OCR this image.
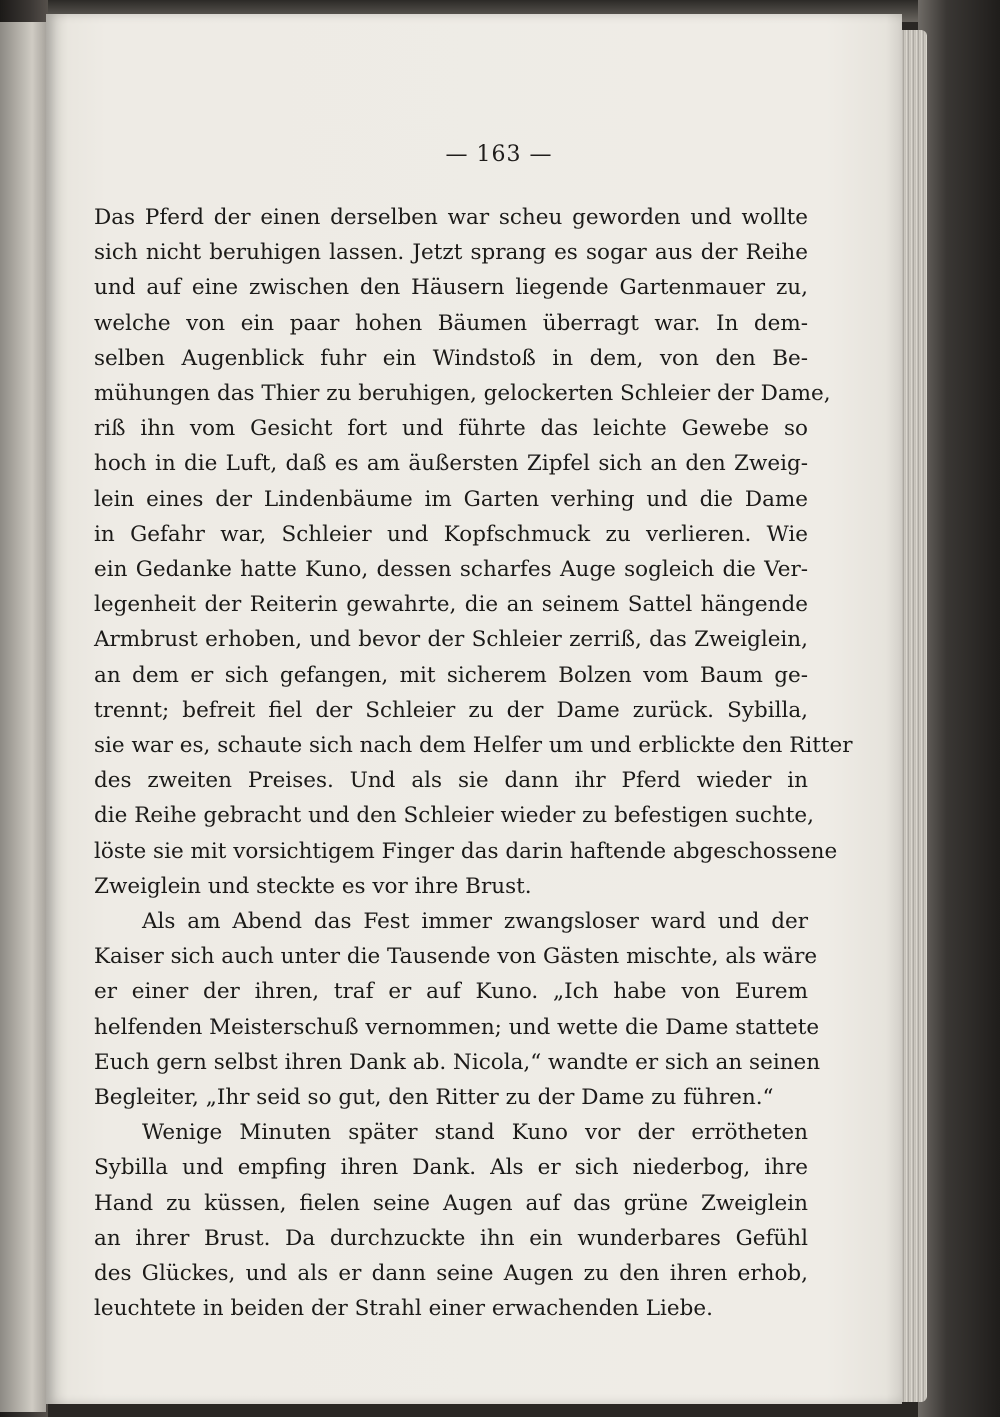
— 163 —

Das Pferd der einen derselben war scheu geworden und wollte
sich nicht beruhigen lassen. Jetzt sprang es sogar aus der Reihe
und auf eine zwischen den Häusern liegende Gartenmauer zu,
welche von ein paar hohen Bäumen überragt war. In dem-
selben Augenblick fuhr ein Windstoß in dem, von den Be-
mühungen das Thier zu beruhigen, gelockerten Schleier der Dame,
riß ihn vom Gesicht fort und führte das leichte Gewebe so
hoch in die Luft, daß es am äußersten Zipfel sich an den Zweig-
lein eines der Lindenbäume im Garten verhing und die Dame
in Gefahr war, Schleier und Kopfschmuck zu verlieren. Wie
ein Gedanke hatte Kuno, dessen scharfes Auge sogleich die Ver-
legenheit der Reiterin gewahrte, die an seinem Sattel hängende
Armbrust erhoben, und bevor der Schleier zerriß, das Zweiglein,
an dem er sich gefangen, mit sicherem Bolzen vom Baum ge-
trennt; befreit fiel der Schleier zu der Dame zurück. Sybilla,
sie war es, schaute sich nach dem Helfer um und erblickte den Ritter
des zweiten Preises. Und als sie dann ihr Pferd wieder in
die Reihe gebracht und den Schleier wieder zu befestigen suchte,
löste sie mit vorsichtigem Finger das darin haftende abgeschossene
Zweiglein und steckte es vor ihre Brust.

Als am Abend das Fest immer zwangsloser ward und der
Kaiser sich auch unter die Tausende von Gästen mischte, als wäre
er einer der ihren, traf er auf Kuno. „Ich habe von Eurem
helfenden Meisterschuß vernommen; und wette die Dame stattete
Euch gern selbst ihren Dank ab. Nicola,“ wandte er sich an seinen
Begleiter, „Ihr seid so gut, den Ritter zu der Dame zu führen.“

Wenige Minuten später stand Kuno vor der errötheten
Sybilla und empfing ihren Dank. Als er sich niederbog, ihre
Hand zu küssen, fielen seine Augen auf das grüne Zweiglein
an ihrer Brust. Da durchzuckte ihn ein wunderbares Gefühl
des Glückes, und als er dann seine Augen zu den ihren erhob,
leuchtete in beiden der Strahl einer erwachenden Liebe.
